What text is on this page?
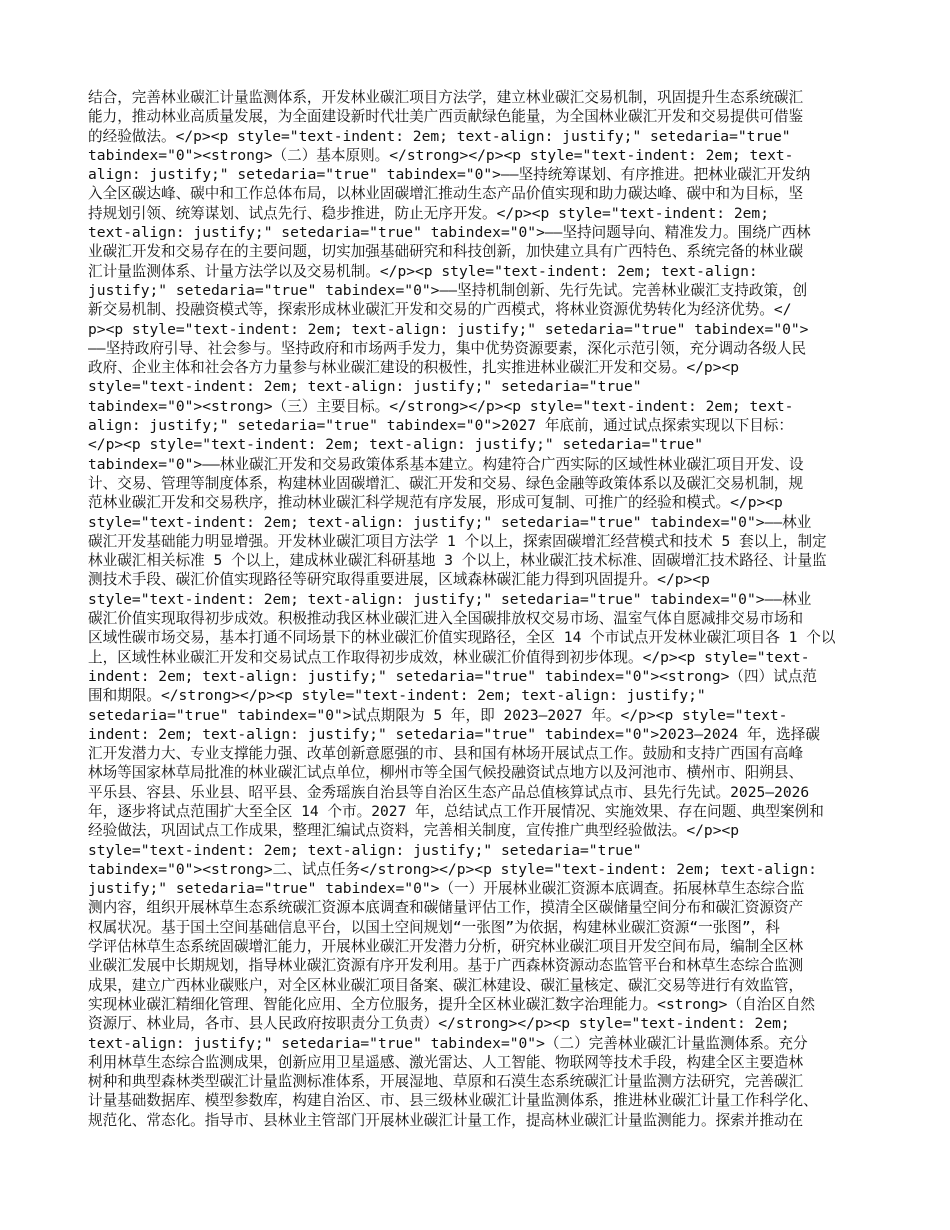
结合，完善林业碳汇计量监测体系，开发林业碳汇项目方法学，建立林业碳汇交易机制，巩固提升生态系统碳汇
能力，推动林业高质量发展，为全面建设新时代壮美广西贡献绿色能量，为全国林业碳汇开发和交易提供可借鉴
的经验做法。</p><p style="text-indent: 2em; text-align: justify;" setedaria="true"
tabindex="0"><strong>（二）基本原则。</strong></p><p style="text-indent: 2em; text-
align: justify;" setedaria="true" tabindex="0">——坚持统筹谋划、有序推进。把林业碳汇开发纳
入全区碳达峰、碳中和工作总体布局，以林业固碳增汇推动生态产品价值实现和助力碳达峰、碳中和为目标，坚
持规划引领、统筹谋划、试点先行、稳步推进，防止无序开发。</p><p style="text-indent: 2em;
text-align: justify;" setedaria="true" tabindex="0">——坚持问题导向、精准发力。围绕广西林
业碳汇开发和交易存在的主要问题，切实加强基础研究和科技创新，加快建立具有广西特色、系统完备的林业碳
汇计量监测体系、计量方法学以及交易机制。</p><p style="text-indent: 2em; text-align:
justify;" setedaria="true" tabindex="0">——坚持机制创新、先行先试。完善林业碳汇支持政策，创
新交易机制、投融资模式等，探索形成林业碳汇开发和交易的广西模式，将林业资源优势转化为经济优势。</
p><p style="text-indent: 2em; text-align: justify;" setedaria="true" tabindex="0">
——坚持政府引导、社会参与。坚持政府和市场两手发力，集中优势资源要素，深化示范引领，充分调动各级人民
政府、企业主体和社会各方力量参与林业碳汇建设的积极性，扎实推进林业碳汇开发和交易。</p><p
style="text-indent: 2em; text-align: justify;" setedaria="true"
tabindex="0"><strong>（三）主要目标。</strong></p><p style="text-indent: 2em; text-
align: justify;" setedaria="true" tabindex="0">2027 年底前，通过试点探索实现以下目标：
</p><p style="text-indent: 2em; text-align: justify;" setedaria="true"
tabindex="0">——林业碳汇开发和交易政策体系基本建立。构建符合广西实际的区域性林业碳汇项目开发、设
计、交易、管理等制度体系，构建林业固碳增汇、碳汇开发和交易、绿色金融等政策体系以及碳汇交易机制，规
范林业碳汇开发和交易秩序，推动林业碳汇科学规范有序发展，形成可复制、可推广的经验和模式。</p><p
style="text-indent: 2em; text-align: justify;" setedaria="true" tabindex="0">——林业
碳汇开发基础能力明显增强。开发林业碳汇项目方法学 1 个以上，探索固碳增汇经营模式和技术 5 套以上，制定
林业碳汇相关标准 5 个以上，建成林业碳汇科研基地 3 个以上，林业碳汇技术标准、固碳增汇技术路径、计量监
测技术手段、碳汇价值实现路径等研究取得重要进展，区域森林碳汇能力得到巩固提升。</p><p
style="text-indent: 2em; text-align: justify;" setedaria="true" tabindex="0">——林业
碳汇价值实现取得初步成效。积极推动我区林业碳汇进入全国碳排放权交易市场、温室气体自愿减排交易市场和
区域性碳市场交易，基本打通不同场景下的林业碳汇价值实现路径，全区 14 个市试点开发林业碳汇项目各 1 个以
上，区域性林业碳汇开发和交易试点工作取得初步成效，林业碳汇价值得到初步体现。</p><p style="text-
indent: 2em; text-align: justify;" setedaria="true" tabindex="0"><strong>（四）试点范
围和期限。</strong></p><p style="text-indent: 2em; text-align: justify;"
setedaria="true" tabindex="0">试点期限为 5 年，即 2023—2027 年。</p><p style="text-
indent: 2em; text-align: justify;" setedaria="true" tabindex="0">2023—2024 年，选择碳
汇开发潜力大、专业支撑能力强、改革创新意愿强的市、县和国有林场开展试点工作。鼓励和支持广西国有高峰
林场等国家林草局批准的林业碳汇试点单位，柳州市等全国气候投融资试点地方以及河池市、横州市、阳朔县、
平乐县、容县、乐业县、昭平县、金秀瑶族自治县等自治区生态产品总值核算试点市、县先行先试。2025—2026
年，逐步将试点范围扩大至全区 14 个市。2027 年，总结试点工作开展情况、实施效果、存在问题、典型案例和
经验做法，巩固试点工作成果，整理汇编试点资料，完善相关制度，宣传推广典型经验做法。</p><p
style="text-indent: 2em; text-align: justify;" setedaria="true"
tabindex="0"><strong>二、试点任务</strong></p><p style="text-indent: 2em; text-align:
justify;" setedaria="true" tabindex="0">（一）开展林业碳汇资源本底调查。拓展林草生态综合监
测内容，组织开展林草生态系统碳汇资源本底调查和碳储量评估工作，摸清全区碳储量空间分布和碳汇资源资产
权属状况。基于国土空间基础信息平台，以国土空间规划“一张图”为依据，构建林业碳汇资源“一张图”，科
学评估林草生态系统固碳增汇能力，开展林业碳汇开发潜力分析，研究林业碳汇项目开发空间布局，编制全区林
业碳汇发展中长期规划，指导林业碳汇资源有序开发利用。基于广西森林资源动态监管平台和林草生态综合监测
成果，建立广西林业碳账户，对全区林业碳汇项目备案、碳汇林建设、碳汇量核定、碳汇交易等进行有效监管，
实现林业碳汇精细化管理、智能化应用、全方位服务，提升全区林业碳汇数字治理能力。<strong>（自治区自然
资源厅、林业局，各市、县人民政府按职责分工负责）</strong></p><p style="text-indent: 2em;
text-align: justify;" setedaria="true" tabindex="0">（二）完善林业碳汇计量监测体系。充分
利用林草生态综合监测成果，创新应用卫星遥感、激光雷达、人工智能、物联网等技术手段，构建全区主要造林
树种和典型森林类型碳汇计量监测标准体系，开展湿地、草原和石漠生态系统碳汇计量监测方法研究，完善碳汇
计量基础数据库、模型参数库，构建自治区、市、县三级林业碳汇计量监测体系，推进林业碳汇计量工作科学化、
规范化、常态化。指导市、县林业主管部门开展林业碳汇计量工作，提高林业碳汇计量监测能力。探索并推动在
